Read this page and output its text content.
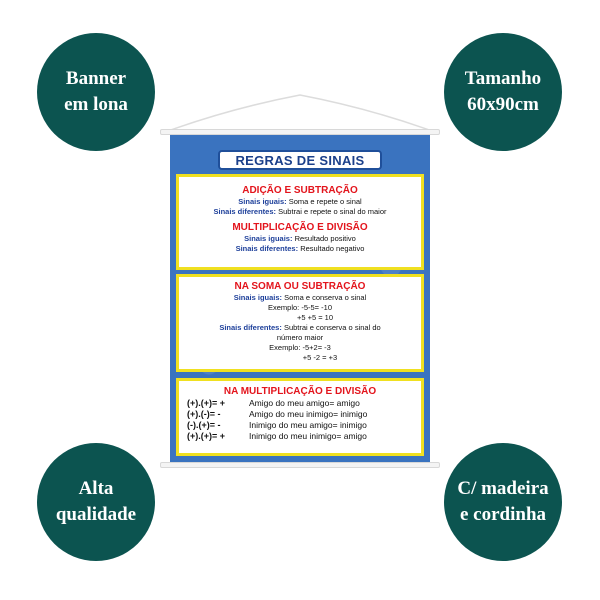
Banner
em lona
Tamanho
60x90cm
Alta
qualidade
C/ madeira
e cordinha
REGRAS DE SINAIS
ADIÇÃO E SUBTRAÇÃO
Sinais iguais: Soma e repete o sinal
Sinais diferentes: Subtrai e repete o sinal do maior
MULTIPLICAÇÃO E DIVISÃO
Sinais iguais: Resultado positivo
Sinais diferentes: Resultado negativo
NA SOMA OU SUBTRAÇÃO
Sinais iguais: Soma e conserva o sinal
Exemplo: -5-5= -10
+5 +5 = 10
Sinais diferentes: Subtrai e conserva o sinal do
número maior
Exemplo: -5+2= -3
+5 -2 = +3
NA MULTIPLICAÇÃO E DIVISÃO
(+).(+)= +	Amigo do meu amigo= amigo
(+).(-)= -	Amigo do meu inimigo= inimigo
(-).(+)= -	Inimigo do meu amigo= inimigo
(+).(+)= +	Inimigo do meu inimigo= amigo
